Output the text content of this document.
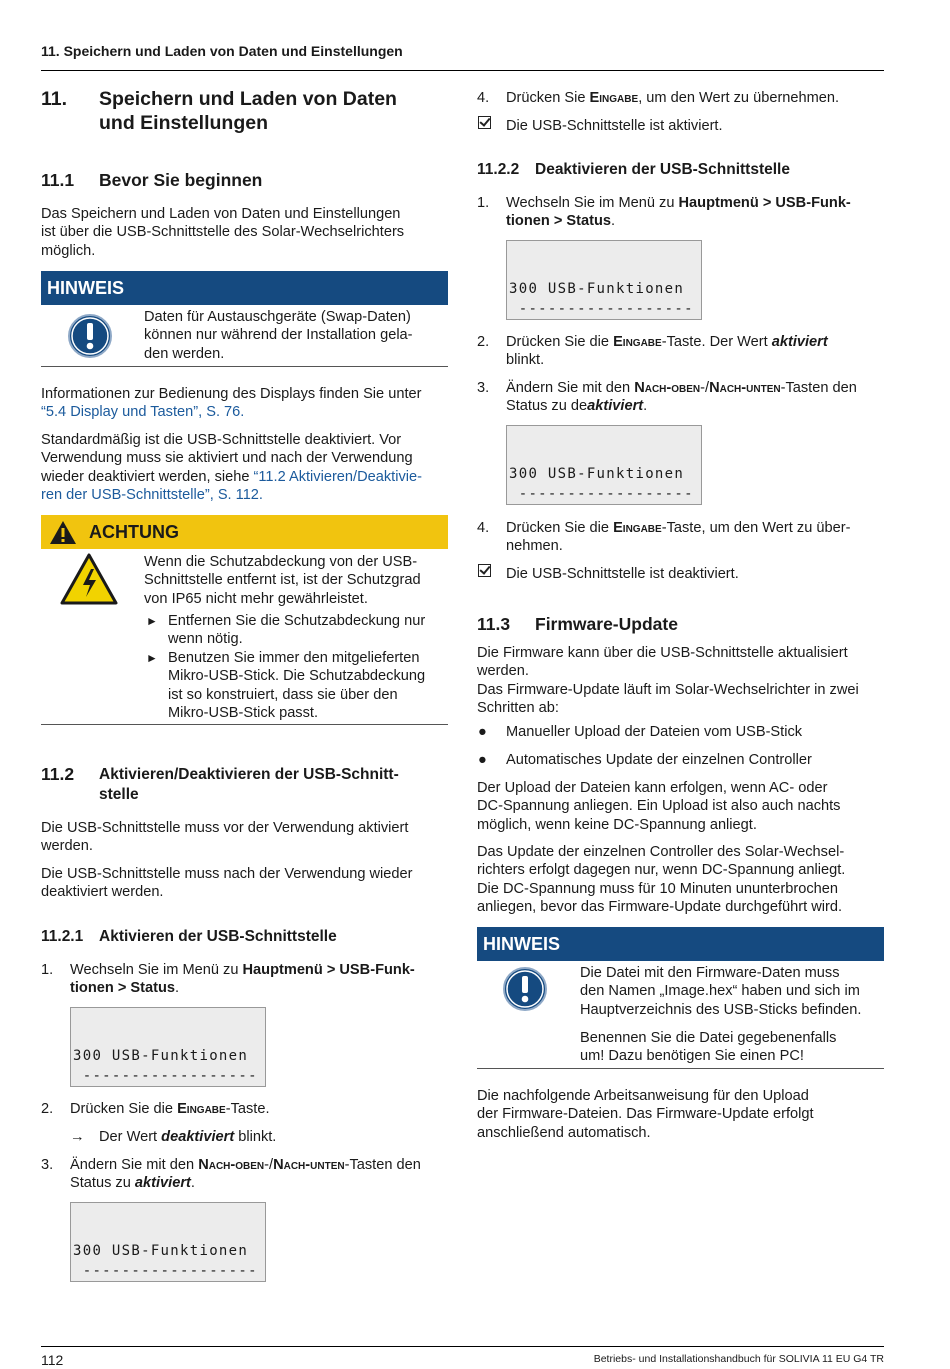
11. Speichern und Laden von Daten und Einstellungen
11. Speichern und Laden von Daten
und Einstellungen
11.1 Bevor Sie beginnen
Das Speichern und Laden von Daten und Einstellungen
ist über die USB-Schnittstelle des Solar-Wechselrichters
möglich.
HINWEIS
Daten für Austauschgeräte (Swap-Daten)
können nur während der Installation gela-
den werden.
Informationen zur Bedienung des Displays finden Sie unter
“5.4 Display und Tasten”, S. 76.
Standardmäßig ist die USB-Schnittstelle deaktiviert. Vor
Verwendung muss sie aktiviert und nach der Verwendung
wieder deaktiviert werden, siehe “11.2 Aktivieren/Deaktivie-
ren der USB-Schnittstelle”, S. 112.
ACHTUNG
Wenn die Schutzabdeckung von der USB-
Schnittstelle entfernt ist, ist der Schutzgrad
von IP65 nicht mehr gewährleistet.
► Entfernen Sie die Schutzabdeckung nur
wenn nötig.
► Benutzen Sie immer den mitgelieferten
Mikro-USB-Stick. Die Schutzabdeckung
ist so konstruiert, dass sie über den
Mikro-USB-Stick passt.
11.2 Aktivieren/Deaktivieren der USB-Schnitt-
stelle
Die USB-Schnittstelle muss vor der Verwendung aktiviert
werden.
Die USB-Schnittstelle muss nach der Verwendung wieder
deaktiviert werden.
11.2.1 Aktivieren der USB-Schnittstelle
1. Wechseln Sie im Menü zu Hauptmenü > USB-Funk-
tionen > Status.

300 USB-Funktionen
------------------

2. Drücken Sie die Eingabe-Taste.
→ Der Wert deaktiviert blinkt.
3. Ändern Sie mit den Nach-oben-/Nach-unten-Tasten den
Status zu aktiviert.

300 USB-Funktionen
------------------

4. Drücken Sie Eingabe, um den Wert zu übernehmen.
Die USB-Schnittstelle ist aktiviert.
11.2.2 Deaktivieren der USB-Schnittstelle
1. Wechseln Sie im Menü zu Hauptmenü > USB-Funk-
tionen > Status.

300 USB-Funktionen
------------------

2. Drücken Sie die Eingabe-Taste. Der Wert aktiviert
blinkt.
3. Ändern Sie mit den Nach-oben-/Nach-unten-Tasten den
Status zu deaktiviert.

300 USB-Funktionen
------------------

4. Drücken Sie die Eingabe-Taste, um den Wert zu über-
nehmen.
Die USB-Schnittstelle ist deaktiviert.
11.3 Firmware-Update
Die Firmware kann über die USB-Schnittstelle aktualisiert
werden.
Das Firmware-Update läuft im Solar-Wechselrichter in zwei
Schritten ab:
● Manueller Upload der Dateien vom USB-Stick
● Automatisches Update der einzelnen Controller
Der Upload der Dateien kann erfolgen, wenn AC- oder
DC-Spannung anliegen. Ein Upload ist also auch nachts
möglich, wenn keine DC-Spannung anliegt.
Das Update der einzelnen Controller des Solar-Wechsel-
richters erfolgt dagegen nur, wenn DC-Spannung anliegt.
Die DC-Spannung muss für 10 Minuten ununterbrochen
anliegen, bevor das Firmware-Update durchgeführt wird.
HINWEIS
Die Datei mit den Firmware-Daten muss
den Namen „Image.hex“ haben und sich im
Hauptverzeichnis des USB-Sticks befinden.
Benennen Sie die Datei gegebenenfalls
um! Dazu benötigen Sie einen PC!
Die nachfolgende Arbeitsanweisung für den Upload
der Firmware-Dateien. Das Firmware-Update erfolgt
anschließend automatisch.
112	Betriebs- und Installationshandbuch für SOLIVIA 11 EU G4 TR
